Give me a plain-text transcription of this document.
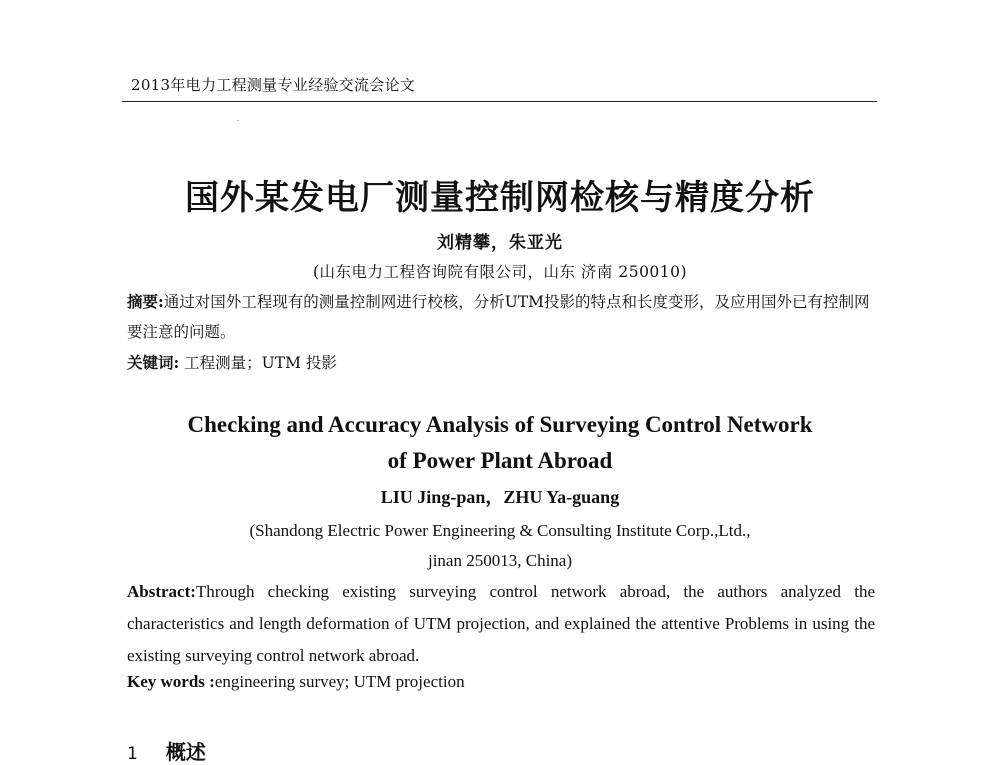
2013年电力工程测量专业经验交流会论文
国外某发电厂测量控制网检核与精度分析
刘精攀，朱亚光
(山东电力工程咨询院有限公司，山东 济南 250010)
摘要:通过对国外工程现有的测量控制网进行校核，分析UTM投影的特点和长度变形，及应用国外已有控制网要注意的问题。
关键词: 工程测量；UTM 投影
Checking and Accuracy Analysis of Surveying Control Network
of Power Plant Abroad
LIU Jing-pan，ZHU Ya-guang
(Shandong Electric Power Engineering & Consulting Institute Corp.,Ltd.,
jinan 250013, China)
Abstract:Through checking existing surveying control network abroad, the authors analyzed the characteristics and length deformation of UTM projection, and explained the attentive Problems in using the existing surveying control network abroad.
Key words :engineering survey; UTM projection
1 概述
